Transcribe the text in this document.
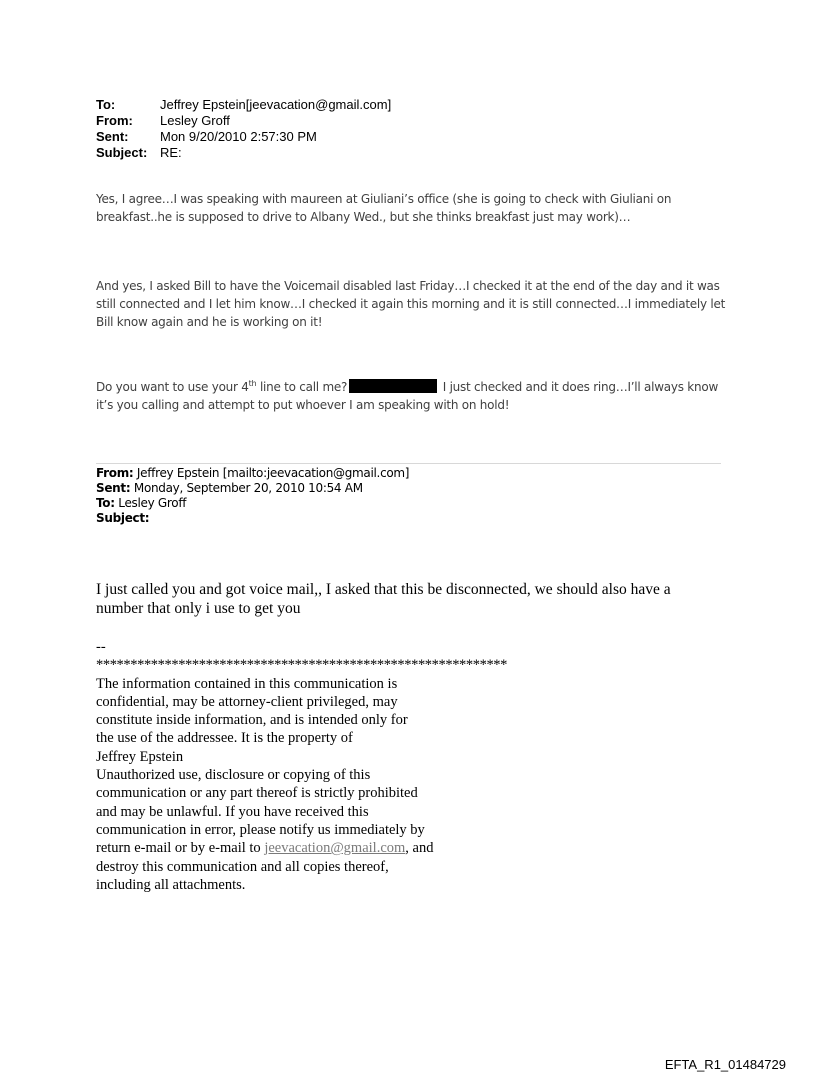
To:	Jeffrey Epstein[jeevacation@gmail.com]
From:	Lesley Groff
Sent:	Mon 9/20/2010 2:57:30 PM
Subject: RE:
Yes, I agree…I was speaking with maureen at Giuliani’s office (she is going to check with Giuliani on breakfast..he is supposed to drive to Albany Wed., but she thinks breakfast just may work)…
And yes, I asked Bill to have the Voicemail disabled last Friday…I checked it at the end of the day and it was still connected and I let him know…I checked it again this morning and it is still connected…I immediately let Bill know again and he is working on it!
Do you want to use your 4th line to call me?	I just checked and it does ring…I’ll always know it’s you calling and attempt to put whoever I am speaking with on hold!
From: Jeffrey Epstein [mailto:jeevacation@gmail.com]
Sent: Monday, September 20, 2010 10:54 AM
To: Lesley Groff
Subject:
I just called you and got voice mail,, I asked that this be disconnected, we should also have a number that only i use to get you
--
************************************************************
The information contained in this communication is
confidential, may be attorney-client privileged, may
constitute inside information, and is intended only for
the use of the addressee. It is the property of
Jeffrey Epstein
Unauthorized use, disclosure or copying of this
communication or any part thereof is strictly prohibited
and may be unlawful. If you have received this
communication in error, please notify us immediately by
return e-mail or by e-mail to jeevacation@gmail.com, and
destroy this communication and all copies thereof,
including all attachments.
EFTA_R1_01484729
